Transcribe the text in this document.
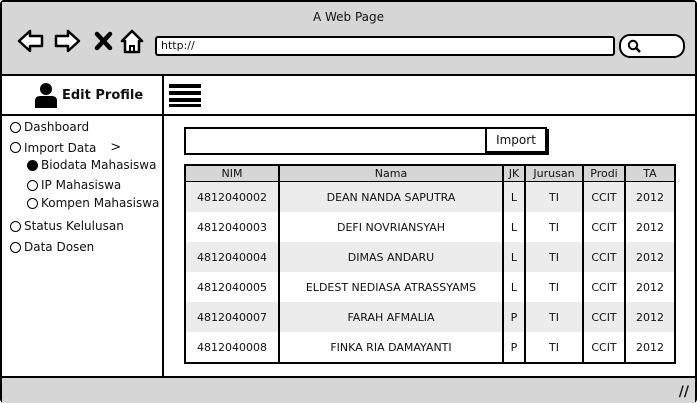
A Web Page
http://
Edit Profile
Dashboard
Import Data >
Biodata Mahasiswa
IP Mahasiswa
Kompen Mahasiswa
Status Kelulusan
Data Dosen
Import
NIM	Nama	JK	Jurusan	Prodi	TA
4812040002	DEAN NANDA SAPUTRA	L	TI	CCIT	2012
4812040003	DEFI NOVRIANSYAH	L	TI	CCIT	2012
4812040004	DIMAS ANDARU	L	TI	CCIT	2012
4812040005	ELDEST NEDIASA ATRASSYAMS	L	TI	CCIT	2012
4812040007	FARAH AFMALIA	P	TI	CCIT	2012
4812040008	FINKA RIA DAMAYANTI	P	TI	CCIT	2012
//
